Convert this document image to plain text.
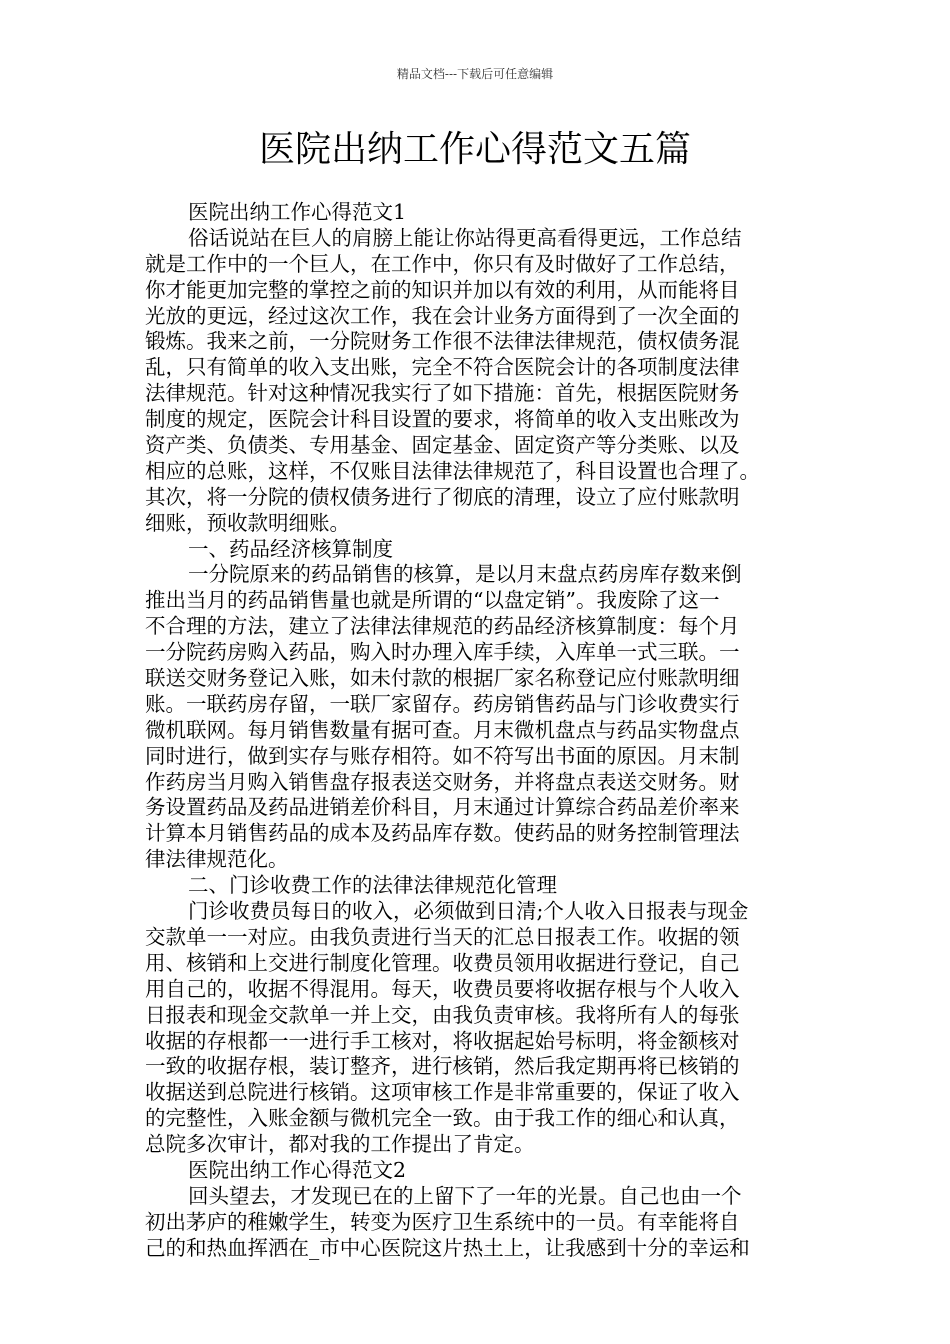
精品文档---下载后可任意编辑
医院出纳工作心得范文五篇
医院出纳工作心得范文1
俗话说站在巨人的肩膀上能让你站得更高看得更远，工作总结
就是工作中的一个巨人，在工作中，你只有及时做好了工作总结，
你才能更加完整的掌控之前的知识并加以有效的利用，从而能将目
光放的更远，经过这次工作，我在会计业务方面得到了一次全面的
锻炼。我来之前，一分院财务工作很不法律法律规范，债权债务混
乱，只有简单的收入支出账，完全不符合医院会计的各项制度法律
法律规范。针对这种情况我实行了如下措施：首先，根据医院财务
制度的规定，医院会计科目设置的要求，将简单的收入支出账改为
资产类、负债类、专用基金、固定基金、固定资产等分类账、以及
相应的总账，这样，不仅账目法律法律规范了，科目设置也合理了。
其次，将一分院的债权债务进行了彻底的清理，设立了应付账款明
细账，预收款明细账。
一、药品经济核算制度
一分院原来的药品销售的核算，是以月末盘点药房库存数来倒
推出当月的药品销售量也就是所谓的“以盘定销”。我废除了这一
不合理的方法，建立了法律法律规范的药品经济核算制度：每个月
一分院药房购入药品，购入时办理入库手续，入库单一式三联。一
联送交财务登记入账，如未付款的根据厂家名称登记应付账款明细
账。一联药房存留，一联厂家留存。药房销售药品与门诊收费实行
微机联网。每月销售数量有据可查。月末微机盘点与药品实物盘点
同时进行，做到实存与账存相符。如不符写出书面的原因。月末制
作药房当月购入销售盘存报表送交财务，并将盘点表送交财务。财
务设置药品及药品进销差价科目，月末通过计算综合药品差价率来
计算本月销售药品的成本及药品库存数。使药品的财务控制管理法
律法律规范化。
二、门诊收费工作的法律法律规范化管理
门诊收费员每日的收入，必须做到日清;个人收入日报表与现金
交款单一一对应。由我负责进行当天的汇总日报表工作。收据的领
用、核销和上交进行制度化管理。收费员领用收据进行登记，自己
用自己的，收据不得混用。每天，收费员要将收据存根与个人收入
日报表和现金交款单一并上交，由我负责审核。我将所有人的每张
收据的存根都一一进行手工核对，将收据起始号标明，将金额核对
一致的收据存根，装订整齐，进行核销，然后我定期再将已核销的
收据送到总院进行核销。这项审核工作是非常重要的，保证了收入
的完整性，入账金额与微机完全一致。由于我工作的细心和认真，
总院多次审计，都对我的工作提出了肯定。
医院出纳工作心得范文2
回头望去，才发现已在的上留下了一年的光景。自己也由一个
初出茅庐的稚嫩学生，转变为医疗卫生系统中的一员。有幸能将自
己的和热血挥洒在_市中心医院这片热土上，让我感到十分的幸运和
